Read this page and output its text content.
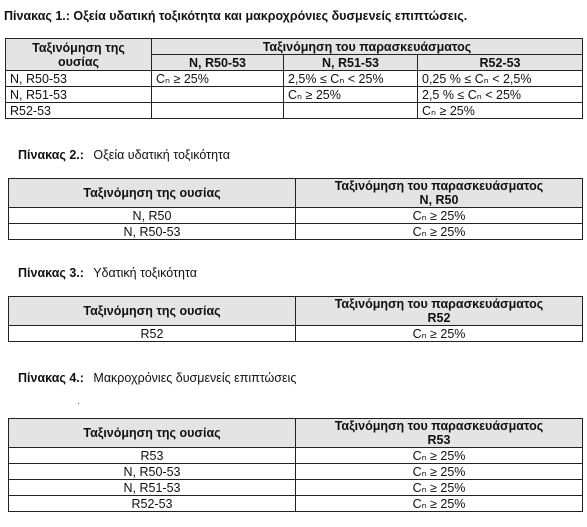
Πίνακας 1.: Οξεία υδατική τοξικότητα και μακροχρόνιες δυσμενείς επιπτώσεις.
Ταξινόμηση της ουσίας	Ταξινόμηση του παρασκευάσματος		
	N, R50-53	N, R51-53	R52-53
N, R50-53	Cₙ ≥ 25%	2,5% ≤ Cₙ < 25%	0,25 % ≤ Cₙ < 2,5%
N, R51-53		Cₙ ≥ 25%	2,5 % ≤ Cₙ < 25%
R52-53			Cₙ ≥ 25%
Πίνακας 2.: Οξεία υδατική τοξικότητα
Ταξινόμηση της ουσίας	Ταξινόμηση του παρασκευάσματος
N, R50

N, R50	Cₙ ≥ 25%
N, R50-53	Cₙ ≥ 25%
Πίνακας 3.: Υδατική τοξικότητα
Ταξινόμηση της ουσίας	Ταξινόμηση του παρασκευάσματος
R52

R52	Cₙ ≥ 25%
Πίνακας 4.: Μακροχρόνιες δυσμενείς επιπτώσεις
·
Ταξινόμηση της ουσίας	Ταξινόμηση του παρασκευάσματος
R53

R53	Cₙ ≥ 25%
N, R50-53	Cₙ ≥ 25%
N, R51-53	Cₙ ≥ 25%
R52-53	Cₙ ≥ 25%
